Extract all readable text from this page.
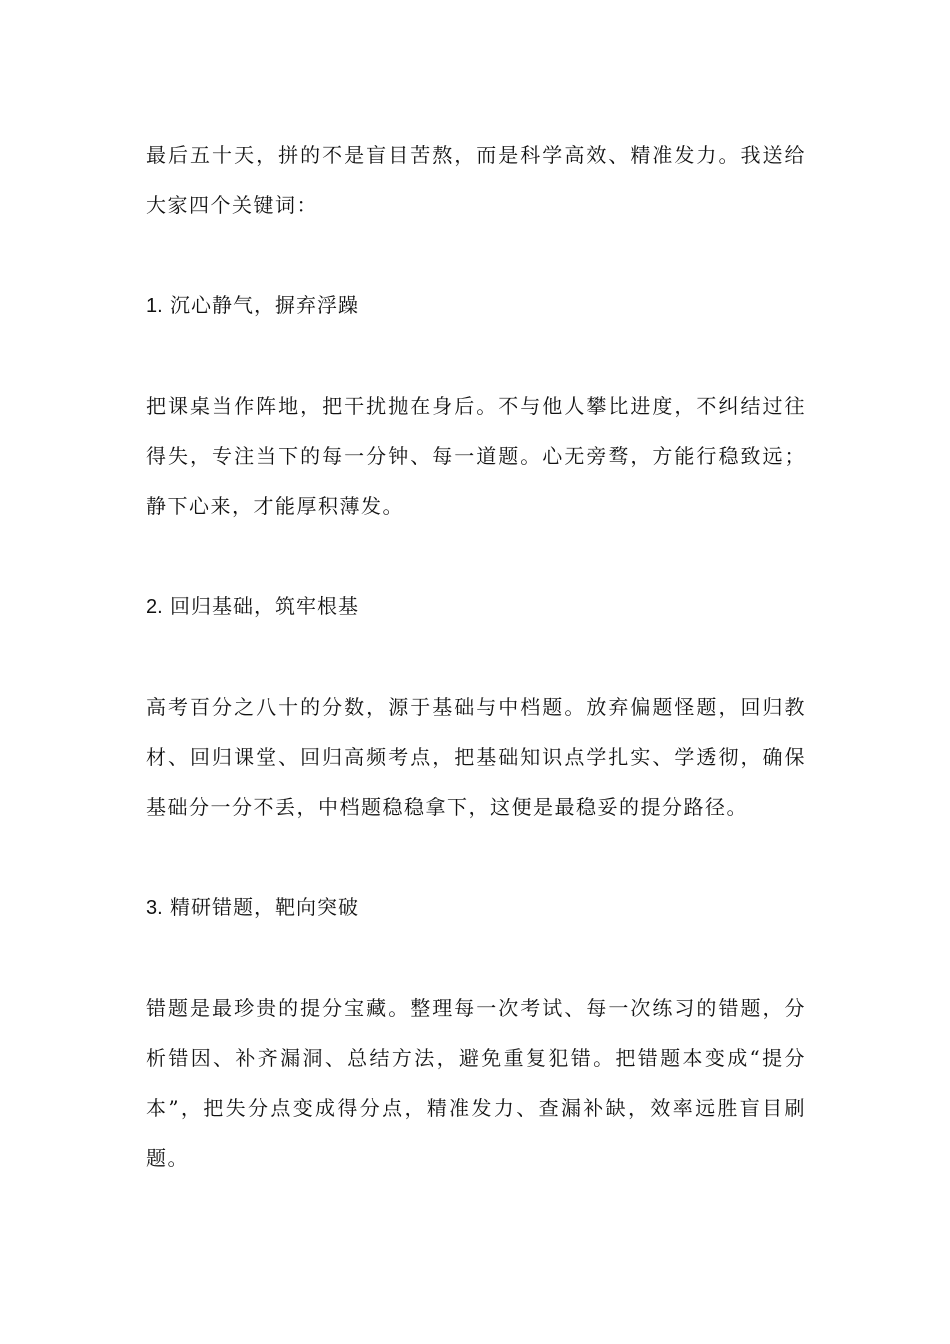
最后五十天，拼的不是盲目苦熬，而是科学高效、精准发力。我送给大家四个关键词：

1. 沉心静气，摒弃浮躁

把课桌当作阵地，把干扰抛在身后。不与他人攀比进度，不纠结过往得失，专注当下的每一分钟、每一道题。心无旁骛，方能行稳致远；静下心来，才能厚积薄发。

2. 回归基础，筑牢根基

高考百分之八十的分数，源于基础与中档题。放弃偏题怪题，回归教材、回归课堂、回归高频考点，把基础知识点学扎实、学透彻，确保基础分一分不丢，中档题稳稳拿下，这便是最稳妥的提分路径。

3. 精研错题，靶向突破

错题是最珍贵的提分宝藏。整理每一次考试、每一次练习的错题，分析错因、补齐漏洞、总结方法，避免重复犯错。把错题本变成“提分本”，把失分点变成得分点，精准发力、查漏补缺，效率远胜盲目刷题。
